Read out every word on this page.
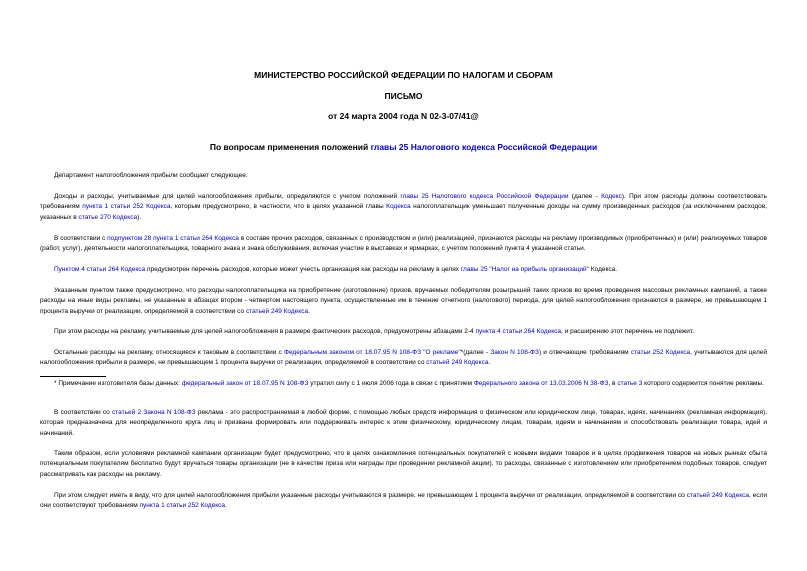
МИНИСТЕРСТВО РОССИЙСКОЙ ФЕДЕРАЦИИ ПО НАЛОГАМ И СБОРАМ
ПИСЬМО
от 24 марта 2004 года N 02-3-07/41@
По вопросам применения положений главы 25 Налогового кодекса Российской Федерации
Департамент налогообложения прибыли сообщает следующее.
Доходы и расходы, учитываемые для целей налогообложения прибыли, определяются с учетом положений главы 25 Налогового кодекса Российской Федерации (далее - Кодекс). При этом расходы должны соответствовать требованиям пункта 1 статьи 252 Кодекса, которым предусмотрено, в частности, что в целях указанной главы Кодекса налогоплательщик уменьшает полученные доходы на сумму произведенных расходов (за исключением расходов, указанных в статье 270 Кодекса).
В соответствии с подпунктом 28 пункта 1 статьи 264 Кодекса в составе прочих расходов, связанных с производством и (или) реализацией, признаются расходы на рекламу производимых (приобретенных) и (или) реализуемых товаров (работ, услуг), деятельности налогоплательщика, товарного знака и знака обслуживания, включая участие в выставках и ярмарках, с учетом положений пункта 4 указанной статьи.
Пунктом 4 статьи 264 Кодекса предусмотрен перечень расходов, которые может учесть организация как расходы на рекламу в целях главы 25 "Налог на прибыль организаций" Кодекса.
Указанным пунктом также предусмотрено, что расходы налогоплательщика на приобретение (изготовление) призов, вручаемых победителям розыгрышей таких призов во время проведения массовых рекламных кампаний, а также расходы на иные виды рекламы, не указанные в абзацах втором - четвертом настоящего пункта, осуществленные им в течение отчетного (налогового) периода, для целей налогообложения признаются в размере, не превышающем 1 процента выручки от реализации, определяемой в соответствии со статьей 249 Кодекса.
При этом расходы на рекламу, учитываемые для целей налогообложения в размере фактических расходов, предусмотрены абзацами 2-4 пункта 4 статьи 264 Кодекса, и расширению этот перечень не подлежит.
Остальные расходы на рекламу, относящиеся к таковым в соответствии с Федеральным законом от 18.07.95 N 108-ФЗ "О рекламе"*(далее - Закон N 108-ФЗ) и отвечающие требованиям статьи 252 Кодекса, учитываются для целей налогообложения прибыли в размере, не превышающем 1 процента выручки от реализации, определяемой в соответствии со статьей 249 Кодекса.
* Примечание изготовителя базы данных: федеральный закон от 18.07.95 N 108-ФЗ утратил силу с 1 июля 2006 года в связи с принятием Федерального закона от 13.03.2006 N 38-ФЗ, в статье 3 которого содержится понятие рекламы.
В соответствии со статьей 2 Закона N 108-ФЗ реклама - это распространяемая в любой форме, с помощью любых средств информация о физическом или юридическом лице, товарах, идеях, начинаниях (рекламная информация), которая предназначена для неопределенного круга лиц и призвана формировать или поддерживать интерес к этим физическому, юридическому лицам, товарам, идеям и начинаниям и способствовать реализации товара, идей и начинаний.
Таким образом, если условиями рекламной кампании организации будет предусмотрено, что в целях ознакомления потенциальных покупателей с новыми видами товаров и в целях продвижения товаров на новых рынках сбыта потенциальным покупателям бесплатно будут вручаться товары организации (не в качестве приза или награды при проведении рекламной акции), то расходы, связанные с изготовлением или приобретением подобных товаров, следует рассматривать как расходы на рекламу.
При этом следует иметь в виду, что для целей налогообложения прибыли указанные расходы учитываются в размере, не превышающем 1 процента выручки от реализации, определяемой в соответствии со статьей 249 Кодекса, если они соответствуют требованиям пункта 1 статьи 252 Кодекса.
